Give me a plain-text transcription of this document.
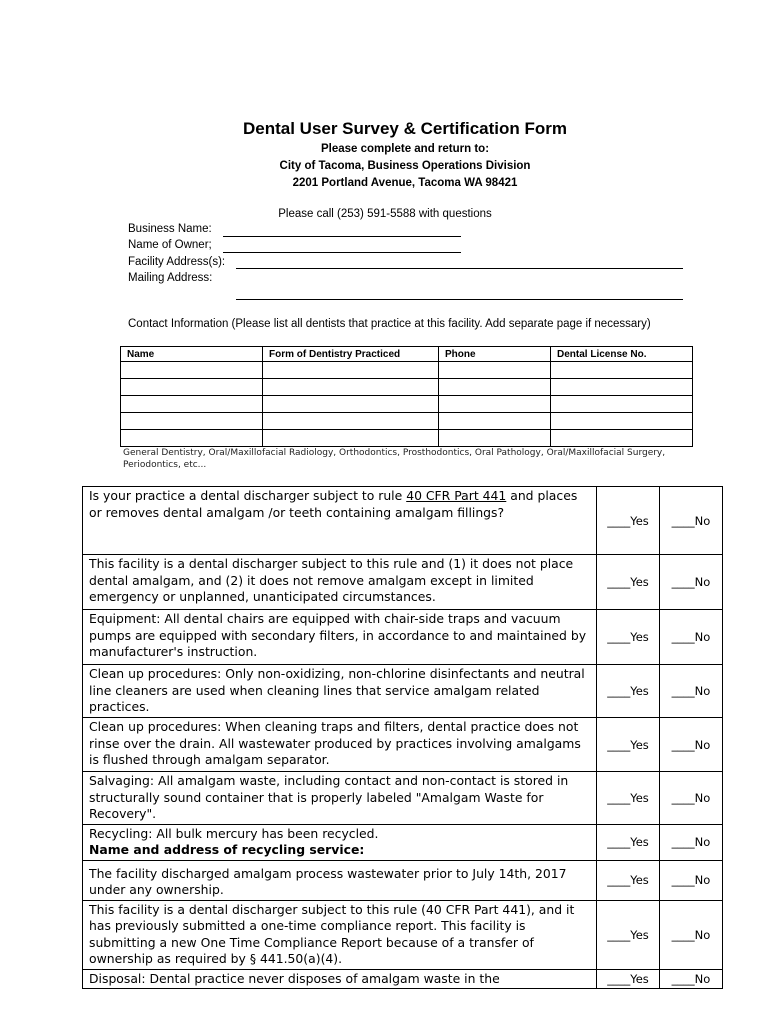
Dental User Survey & Certification Form
Please complete and return to:
City of Tacoma, Business Operations Division
2201 Portland Avenue, Tacoma WA 98421
Please call (253) 591-5588 with questions
Business Name:
Name of Owner;
Facility Address(s):
Mailing Address:
Contact Information (Please list all dentists that practice at this facility. Add separate page if necessary)
Name	Form of Dentistry Practiced	Phone	Dental License No.

General Dentistry, Oral/Maxillofacial Radiology, Orthodontics, Prosthodontics, Oral Pathology, Oral/Maxillofacial Surgery, Periodontics, etc...
Is your practice a dental discharger subject to rule 40 CFR Part 441 and places or removes dental amalgam /or teeth containing amalgam fillings?	____Yes	____No
This facility is a dental discharger subject to this rule and (1) it does not place dental amalgam, and (2) it does not remove amalgam except in limited emergency or unplanned, unanticipated circumstances.	____Yes	____No
Equipment: All dental chairs are equipped with chair-side traps and vacuum pumps are equipped with secondary filters, in accordance to and maintained by manufacturer's instruction.	____Yes	____No
Clean up procedures: Only non-oxidizing, non-chlorine disinfectants and neutral line cleaners are used when cleaning lines that service amalgam related practices.	____Yes	____No
Clean up procedures: When cleaning traps and filters, dental practice does not rinse over the drain. All wastewater produced by practices involving amalgams is flushed through amalgam separator.	____Yes	____No
Salvaging: All amalgam waste, including contact and non-contact is stored in structurally sound container that is properly labeled "Amalgam Waste for Recovery".	____Yes	____No

Recycling: All bulk mercury has been recycled.
Name and address of recycling service:	____Yes	____No
The facility discharged amalgam process wastewater prior to July 14th, 2017 under any ownership.	____Yes	____No
This facility is a dental discharger subject to this rule (40 CFR Part 441), and it has previously submitted a one-time compliance report. This facility is submitting a new One Time Compliance Report because of a transfer of ownership as required by § 441.50(a)(4).	____Yes	____No
Disposal: Dental practice never disposes of amalgam waste in the	____Yes	____No
